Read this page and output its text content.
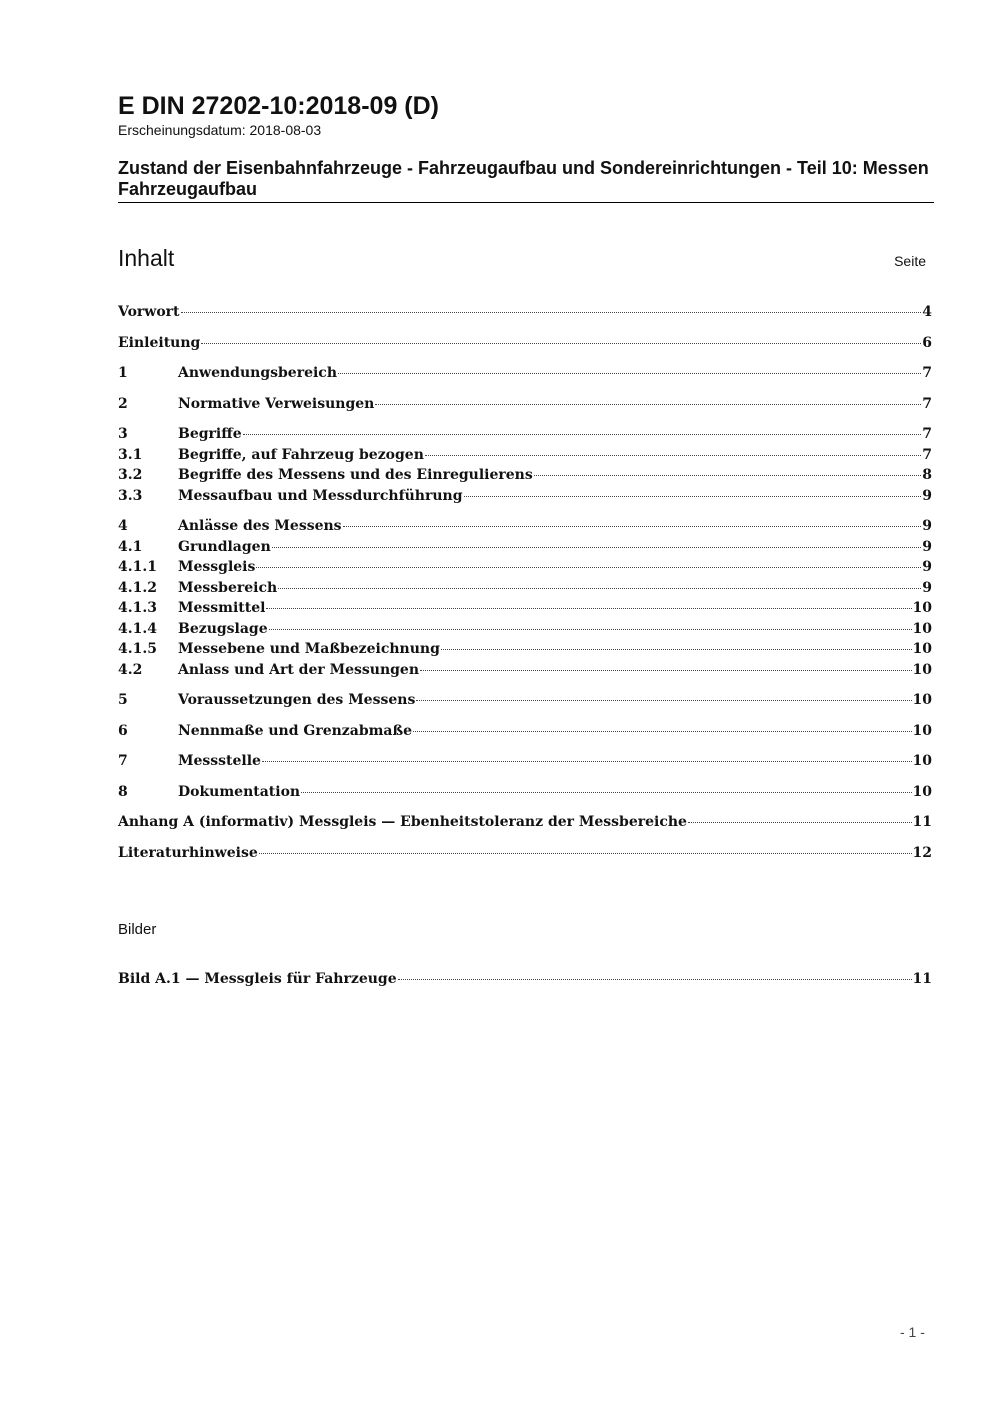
E DIN 27202-10:2018-09 (D)
Erscheinungsdatum: 2018-08-03
Zustand der Eisenbahnfahrzeuge - Fahrzeugaufbau und Sondereinrichtungen - Teil 10: Messen Fahrzeugaufbau
Inhalt	Seite
Vorwort	4
Einleitung	6
1	Anwendungsbereich	7
2	Normative Verweisungen	7
3	Begriffe	7
3.1	Begriffe, auf Fahrzeug bezogen	7
3.2	Begriffe des Messens und des Einregulierens	8
3.3	Messaufbau und Messdurchführung	9
4	Anlässe des Messens	9
4.1	Grundlagen	9
4.1.1	Messgleis	9
4.1.2	Messbereich	9
4.1.3	Messmittel	10
4.1.4	Bezugslage	10
4.1.5	Messebene und Maßbezeichnung	10
4.2	Anlass und Art der Messungen	10
5	Voraussetzungen des Messens	10
6	Nennmaße und Grenzabmaße	10
7	Messstelle	10
8	Dokumentation	10
Anhang A (informativ) Messgleis — Ebenheitstoleranz der Messbereiche	11
Literaturhinweise	12
Bilder
Bild A.1 — Messgleis für Fahrzeuge	11
- 1 -
